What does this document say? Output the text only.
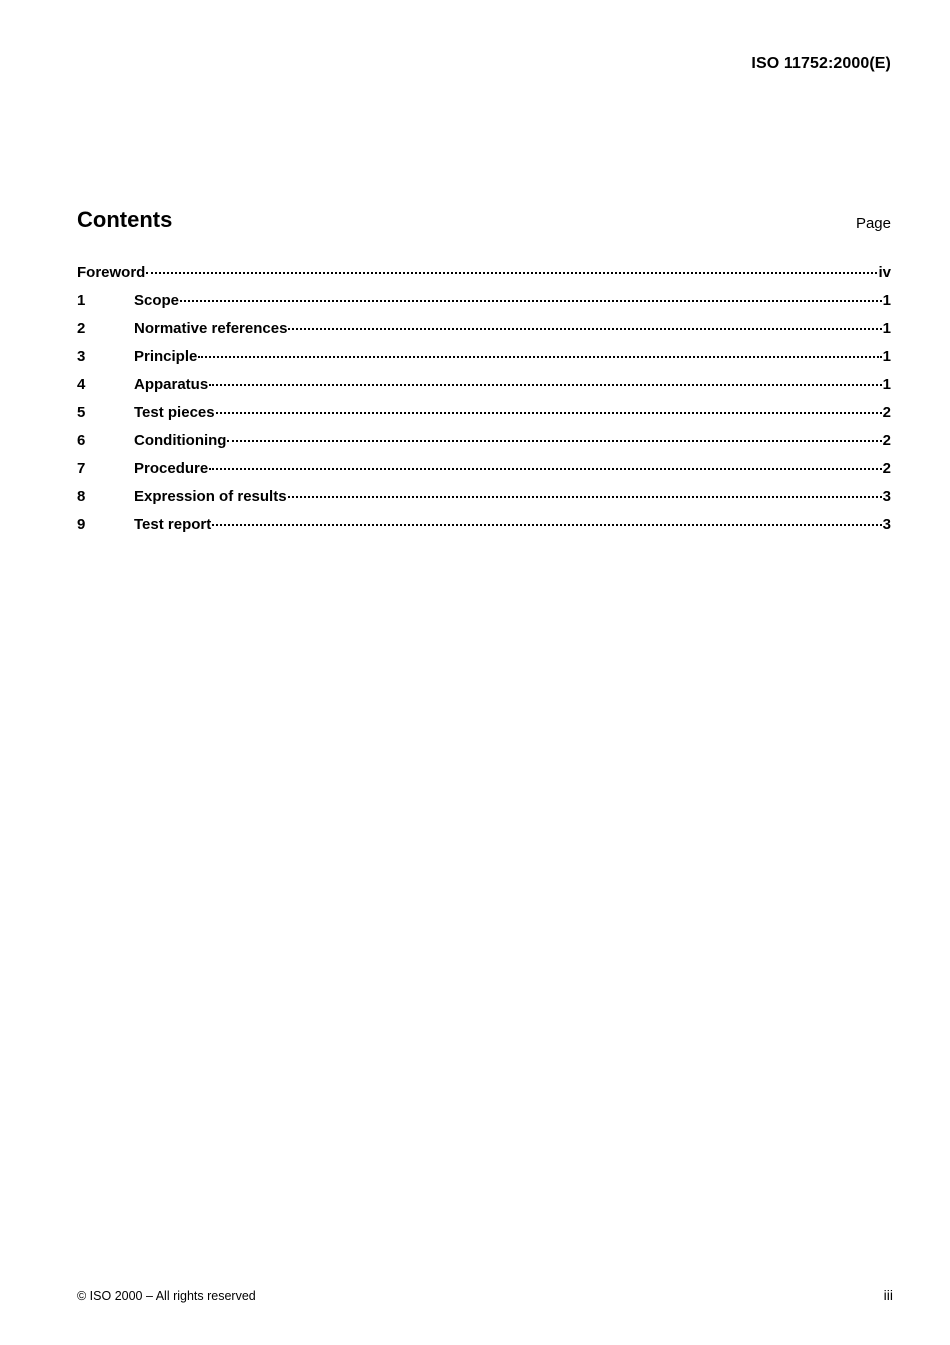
ISO 11752:2000(E)
Contents	Page
Foreword	iv
1	Scope	1
2	Normative references	1
3	Principle	1
4	Apparatus	1
5	Test pieces	2
6	Conditioning	2
7	Procedure	2
8	Expression of results	3
9	Test report	3
© ISO 2000 – All rights reserved	iii
